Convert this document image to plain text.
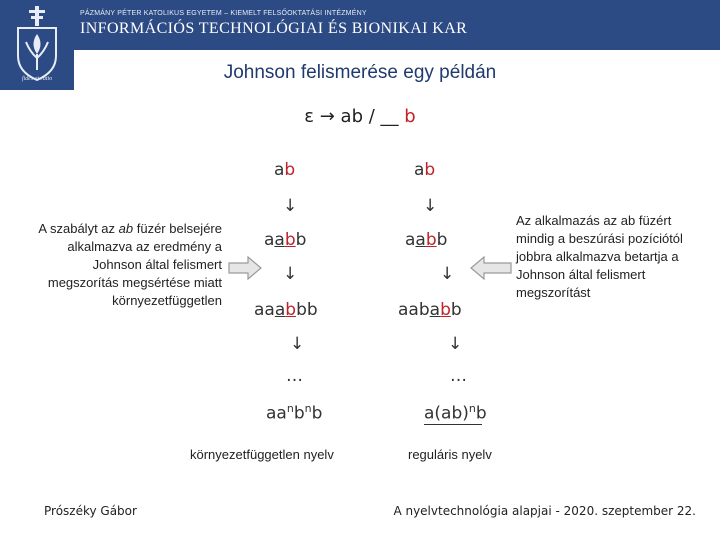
fides et ratio
PÁZMÁNY PÉTER KATOLIKUS EGYETEM – KIEMELT FELSŐOKTATÁSI INTÉZMÉNY
INFORMÁCIÓS TECHNOLÓGIAI ÉS BIONIKAI KAR
Johnson felismerése egy példán
ε → ab / __ b
ab
↓
aabb
↓
aaabbb
↓
…
$aa^nb^nb$
környezetfüggetlen nyelv
ab
↓
aabb
↓
aababb
↓
…
a(ab)$^n$b
reguláris nyelv
A szabályt az ab füzér belsejére alkalmazva az eredmény a Johnson által felismert megszorítás megsértése miatt környezetfüggetlen
Az alkalmazás az ab füzért mindig a beszúrási pozíciótól jobbra alkalmazva betartja a Johnson által felismert megszorítást
Prószéky Gábor	A nyelvtechnológia alapjai - 2020. szeptember 22.
